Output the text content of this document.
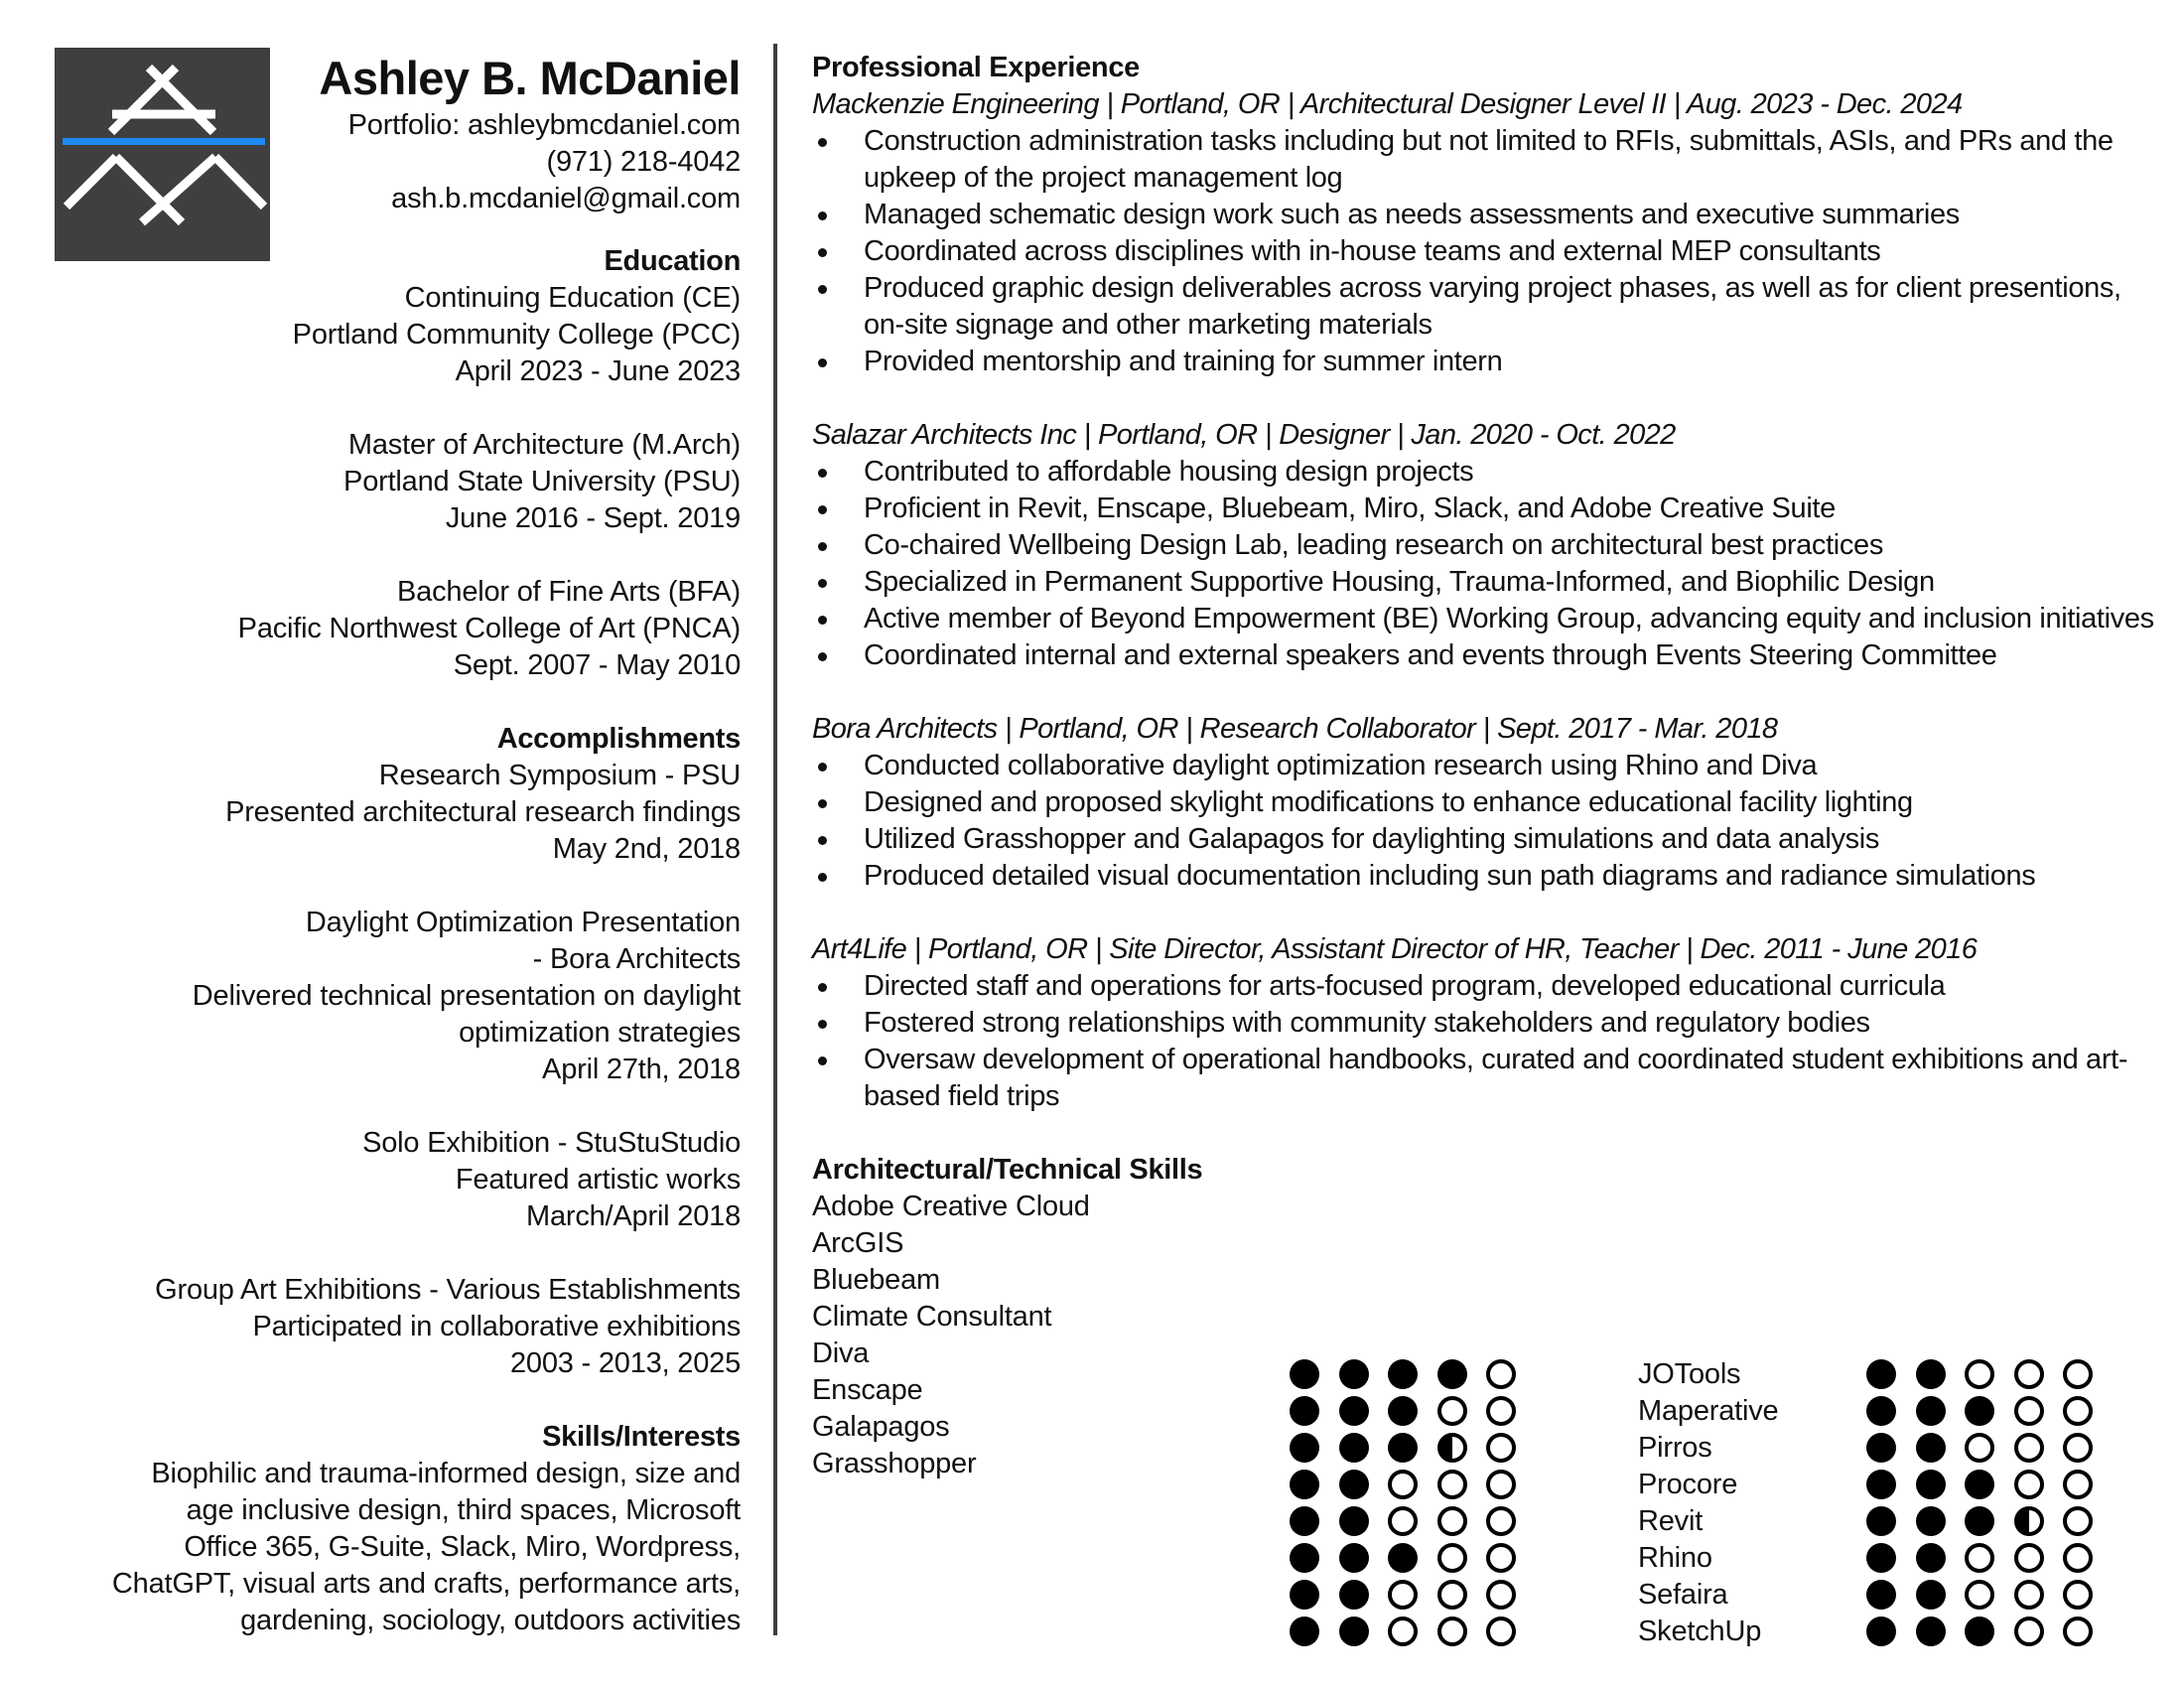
Ashley B. McDaniel
Portfolio: ashleybmcdaniel.com
(971) 218-4042
ash.b.mcdaniel@gmail.com
Education
Continuing Education (CE)
Portland Community College (PCC)
April 2023 - June 2023
Master of Architecture (M.Arch)
Portland State University (PSU)
June 2016 - Sept. 2019
Bachelor of Fine Arts (BFA)
Pacific Northwest College of Art (PNCA)
Sept. 2007 - May 2010
Accomplishments
Research Symposium - PSU
Presented architectural research findings
May 2nd, 2018
Daylight Optimization Presentation
- Bora Architects
Delivered technical presentation on daylight
optimization strategies
April 27th, 2018
Solo Exhibition - StuStuStudio
Featured artistic works
March/April 2018
Group Art Exhibitions - Various Establishments
Participated in collaborative exhibitions
2003 - 2013, 2025
Skills/Interests
Biophilic and trauma-informed design, size and
age inclusive design, third spaces, Microsoft
Office 365, G-Suite, Slack, Miro, Wordpress,
ChatGPT, visual arts and crafts, performance arts,
gardening, sociology, outdoors activities
Professional Experience
Mackenzie Engineering | Portland, OR | Architectural Designer Level II | Aug. 2023 - Dec. 2024
Construction administration tasks including but not limited to RFIs, submittals, ASIs, and PRs and the upkeep of the project management log
Managed schematic design work such as needs assessments and executive summaries
Coordinated across disciplines with in-house teams and external MEP consultants
Produced graphic design deliverables across varying project phases, as well as for client presentions, on-site signage and other marketing materials
Provided mentorship and training for summer intern
Salazar Architects Inc | Portland, OR | Designer | Jan. 2020 - Oct. 2022
Contributed to affordable housing design projects
Proficient in Revit, Enscape, Bluebeam, Miro, Slack, and Adobe Creative Suite
Co-chaired Wellbeing Design Lab, leading research on architectural best practices
Specialized in Permanent Supportive Housing, Trauma-Informed, and Biophilic Design
Active member of Beyond Empowerment (BE) Working Group, advancing equity and inclusion initiatives
Coordinated internal and external speakers and events through Events Steering Committee
Bora Architects | Portland, OR | Research Collaborator | Sept. 2017 - Mar. 2018
Conducted collaborative daylight optimization research using Rhino and Diva
Designed and proposed skylight modifications to enhance educational facility lighting
Utilized Grasshopper and Galapagos for daylighting simulations and data analysis
Produced detailed visual documentation including sun path diagrams and radiance simulations
Art4Life | Portland, OR | Site Director, Assistant Director of HR, Teacher | Dec. 2011 - June 2016
Directed staff and operations for arts-focused program, developed educational curricula
Fostered strong relationships with community stakeholders and regulatory bodies
Oversaw development of operational handbooks, curated and coordinated student exhibitions and art-based field trips
Architectural/Technical Skills
Adobe Creative Cloud
ArcGIS
Bluebeam
Climate Consultant
Diva
Enscape
Galapagos
Grasshopper
JOTools
Maperative
Pirros
Procore
Revit
Rhino
Sefaira
SketchUp
